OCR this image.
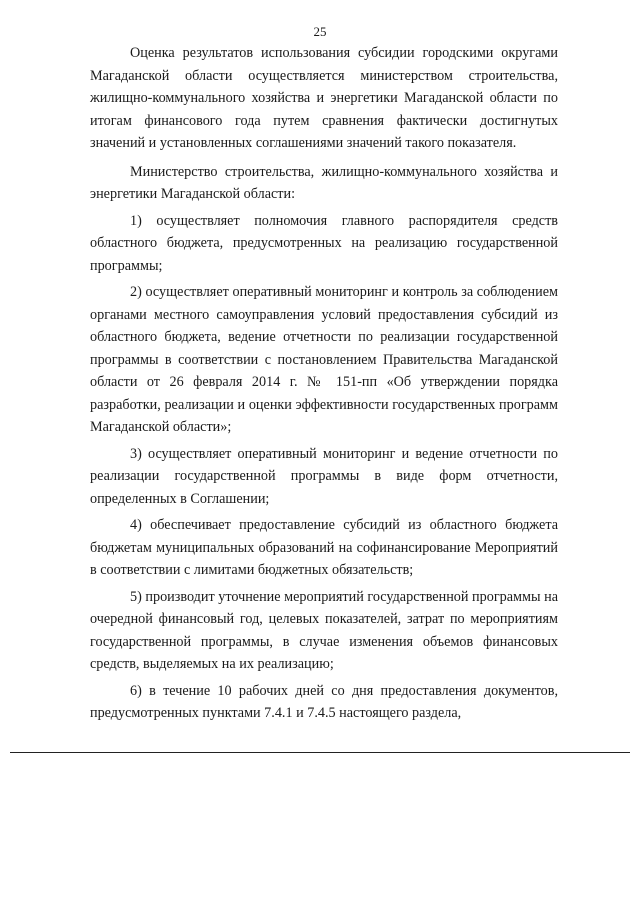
25

Оценка результатов использования субсидии городскими округами Магаданской области осуществляется министерством строительства, жилищно-коммунального хозяйства и энергетики Магаданской области по итогам финансового года путем сравнения фактически достигнутых значений и установленных соглашениями значений такого показателя.

Министерство строительства, жилищно-коммунального хозяйства и энергетики Магаданской области:

1) осуществляет полномочия главного распорядителя средств областного бюджета, предусмотренных на реализацию государственной программы;

2) осуществляет оперативный мониторинг и контроль за соблюдением органами местного самоуправления условий предоставления субсидий из областного бюджета, ведение отчетности по реализации государственной программы в соответствии с постановлением Правительства Магаданской области от 26 февраля 2014 г. № 151-пп «Об утверждении порядка разработки, реализации и оценки эффективности государственных программ Магаданской области»;

3) осуществляет оперативный мониторинг и ведение отчетности по реализации государственной программы в виде форм отчетности, определенных в Соглашении;

4) обеспечивает предоставление субсидий из областного бюджета бюджетам муниципальных образований на софинансирование Мероприятий в соответствии с лимитами бюджетных обязательств;

5) производит уточнение мероприятий государственной программы на очередной финансовый год, целевых показателей, затрат по мероприятиям государственной программы, в случае изменения объемов финансовых средств, выделяемых на их реализацию;

6) в течение 10 рабочих дней со дня предоставления документов, предусмотренных пунктами 7.4.1 и 7.4.5 настоящего раздела,
